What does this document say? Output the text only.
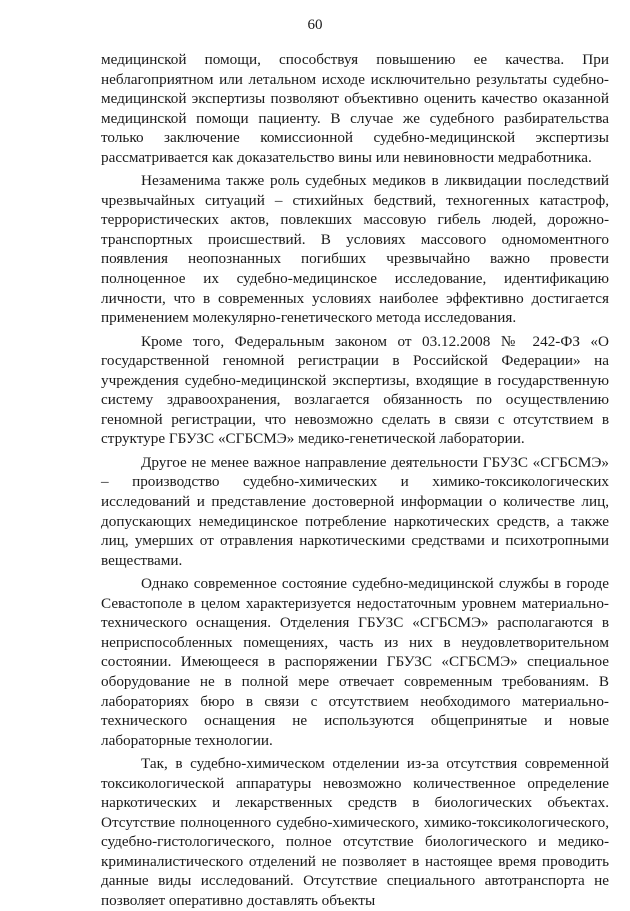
60

медицинской помощи, способствуя повышению ее качества. При неблагоприятном или летальном исходе исключительно результаты судебно-медицинской экспертизы позволяют объективно оценить качество оказанной медицинской помощи пациенту. В случае же судебного разбирательства только заключение комиссионной судебно-медицинской экспертизы рассматривается как доказательство вины или невиновности медработника.

Незаменима также роль судебных медиков в ликвидации последствий чрезвычайных ситуаций – стихийных бедствий, техногенных катастроф, террористических актов, повлекших массовую гибель людей, дорожно-транспортных происшествий. В условиях массового одномоментного появления неопознанных погибших чрезвычайно важно провести полноценное их судебно-медицинское исследование, идентификацию личности, что в современных условиях наиболее эффективно достигается применением молекулярно-генетического метода исследования.

Кроме того, Федеральным законом от 03.12.2008 № 242-ФЗ «О государственной геномной регистрации в Российской Федерации» на учреждения судебно-медицинской экспертизы, входящие в государственную систему здравоохранения, возлагается обязанность по осуществлению геномной регистрации, что невозможно сделать в связи с отсутствием в структуре ГБУЗС «СГБСМЭ» медико-генетической лаборатории.

Другое не менее важное направление деятельности ГБУЗС «СГБСМЭ» – производство судебно-химических и химико-токсикологических исследований и представление достоверной информации о количестве лиц, допускающих немедицинское потребление наркотических средств, а также лиц, умерших от отравления наркотическими средствами и психотропными веществами.

Однако современное состояние судебно-медицинской службы в городе Севастополе в целом характеризуется недостаточным уровнем материально-технического оснащения. Отделения ГБУЗС «СГБСМЭ» располагаются в неприспособленных помещениях, часть из них в неудовлетворительном состоянии. Имеющееся в распоряжении ГБУЗС «СГБСМЭ» специальное оборудование не в полной мере отвечает современным требованиям. В лабораториях бюро в связи с отсутствием необходимого материально-технического оснащения не используются общепринятые и новые лабораторные технологии.

Так, в судебно-химическом отделении из-за отсутствия современной токсикологической аппаратуры невозможно количественное определение наркотических и лекарственных средств в биологических объектах. Отсутствие полноценного судебно-химического, химико-токсикологического, судебно-гистологического, полное отсутствие биологического и медико-криминалистического отделений не позволяет в настоящее время проводить данные виды исследований. Отсутствие специального автотранспорта не позволяет оперативно доставлять объекты
